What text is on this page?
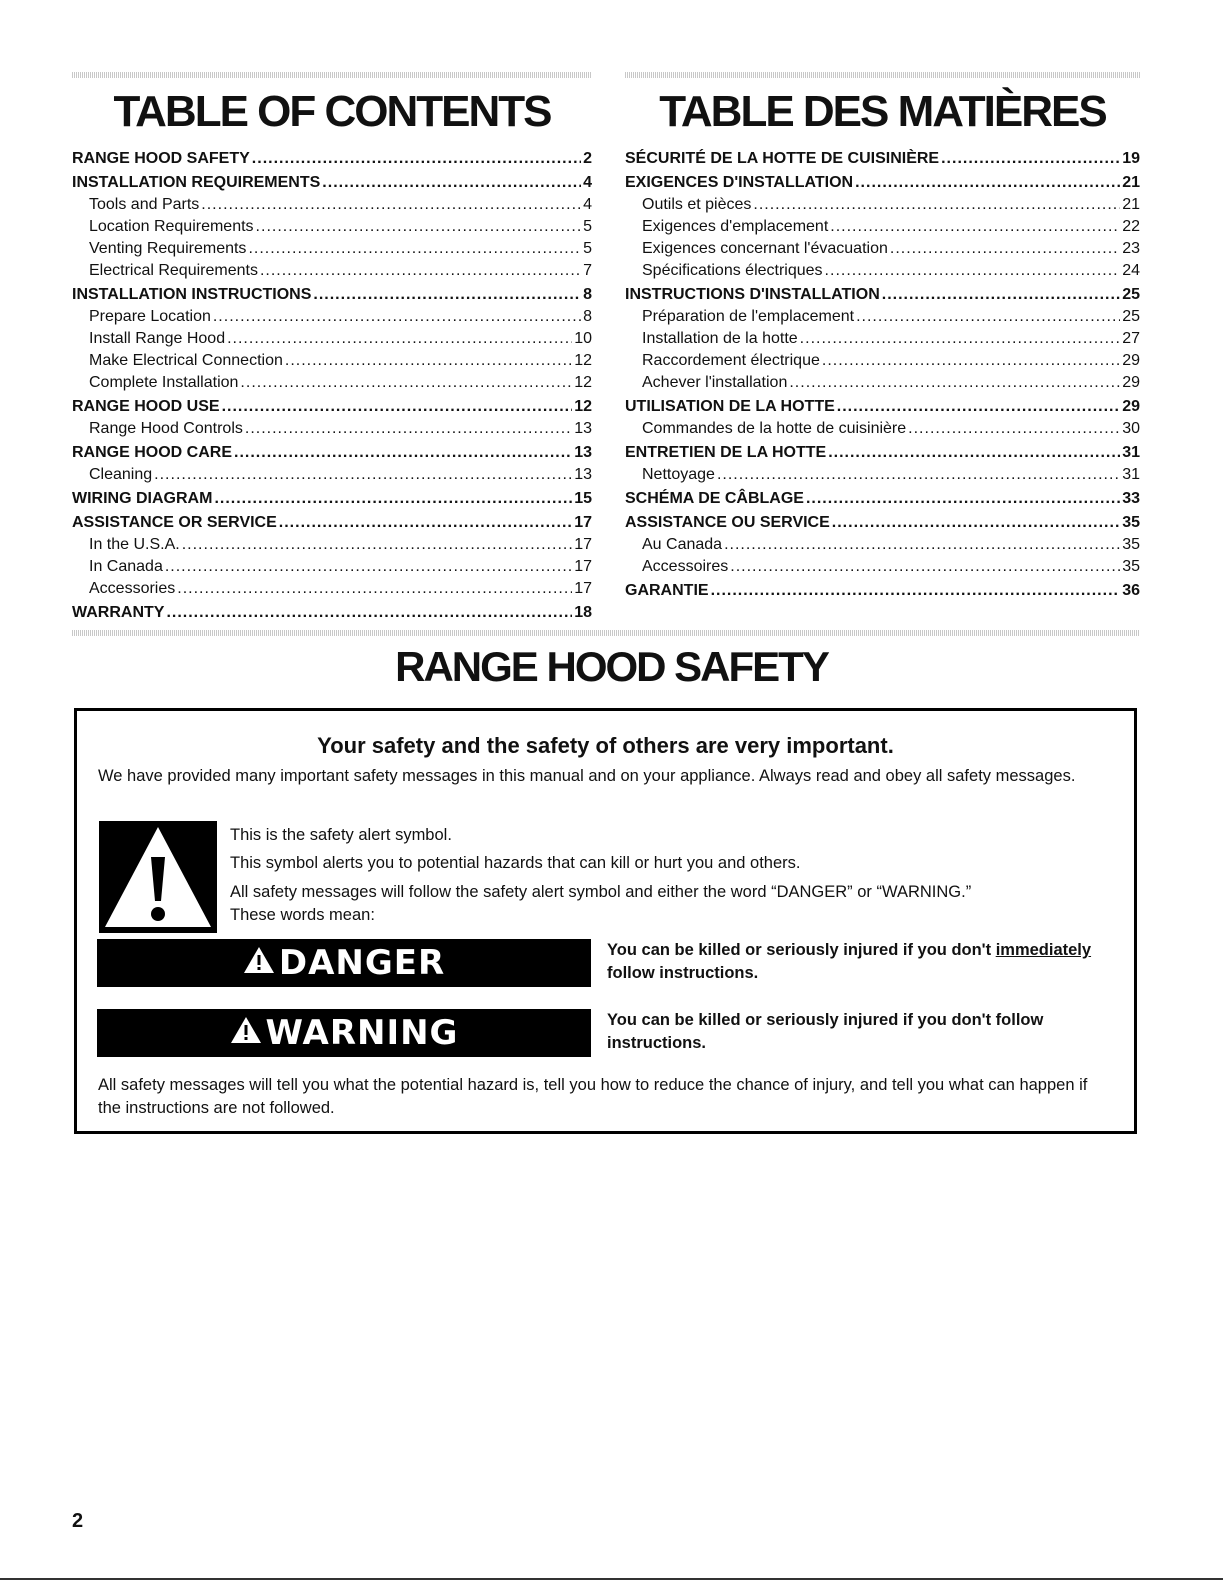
TABLE OF CONTENTS
RANGE HOOD SAFETY .....	2
INSTALLATION REQUIREMENTS .....	4
Tools and Parts .....	4
Location Requirements .....	5
Venting Requirements .....	5
Electrical Requirements .....	7
INSTALLATION INSTRUCTIONS .....	8
Prepare Location .....	8
Install Range Hood .....	10
Make Electrical Connection .....	12
Complete Installation .....	12
RANGE HOOD USE .....	12
Range Hood Controls .....	13
RANGE HOOD CARE .....	13
Cleaning .....	13
WIRING DIAGRAM .....	15
ASSISTANCE OR SERVICE .....	17
In the U.S.A. .....	17
In Canada .....	17
Accessories .....	17
WARRANTY .....	18
TABLE DES MATIÈRES
SÉCURITÉ DE LA HOTTE DE CUISINIÈRE .....	19
EXIGENCES D'INSTALLATION .....	21
Outils et pièces .....	21
Exigences d'emplacement .....	22
Exigences concernant l'évacuation .....	23
Spécifications électriques .....	24
INSTRUCTIONS D'INSTALLATION .....	25
Préparation de l'emplacement .....	25
Installation de la hotte .....	27
Raccordement électrique .....	29
Achever l'installation .....	29
UTILISATION DE LA HOTTE .....	29
Commandes de la hotte de cuisinière .....	30
ENTRETIEN DE LA HOTTE .....	31
Nettoyage .....	31
SCHÉMA DE CÂBLAGE .....	33
ASSISTANCE OU SERVICE .....	35
Au Canada .....	35
Accessoires .....	35
GARANTIE .....	36
RANGE HOOD SAFETY

Your safety and the safety of others are very important.

We have provided many important safety messages in this manual and on your appliance. Always read and obey all safety messages.

This is the safety alert symbol.

This symbol alerts you to potential hazards that can kill or hurt you and others.

All safety messages will follow the safety alert symbol and either the word “DANGER” or “WARNING.”

These words mean:

DANGER	You can be killed or seriously injured if you don't immediately follow instructions.

WARNING	You can be killed or seriously injured if you don't follow instructions.

All safety messages will tell you what the potential hazard is, tell you how to reduce the chance of injury, and tell you what can happen if the instructions are not followed.

2
